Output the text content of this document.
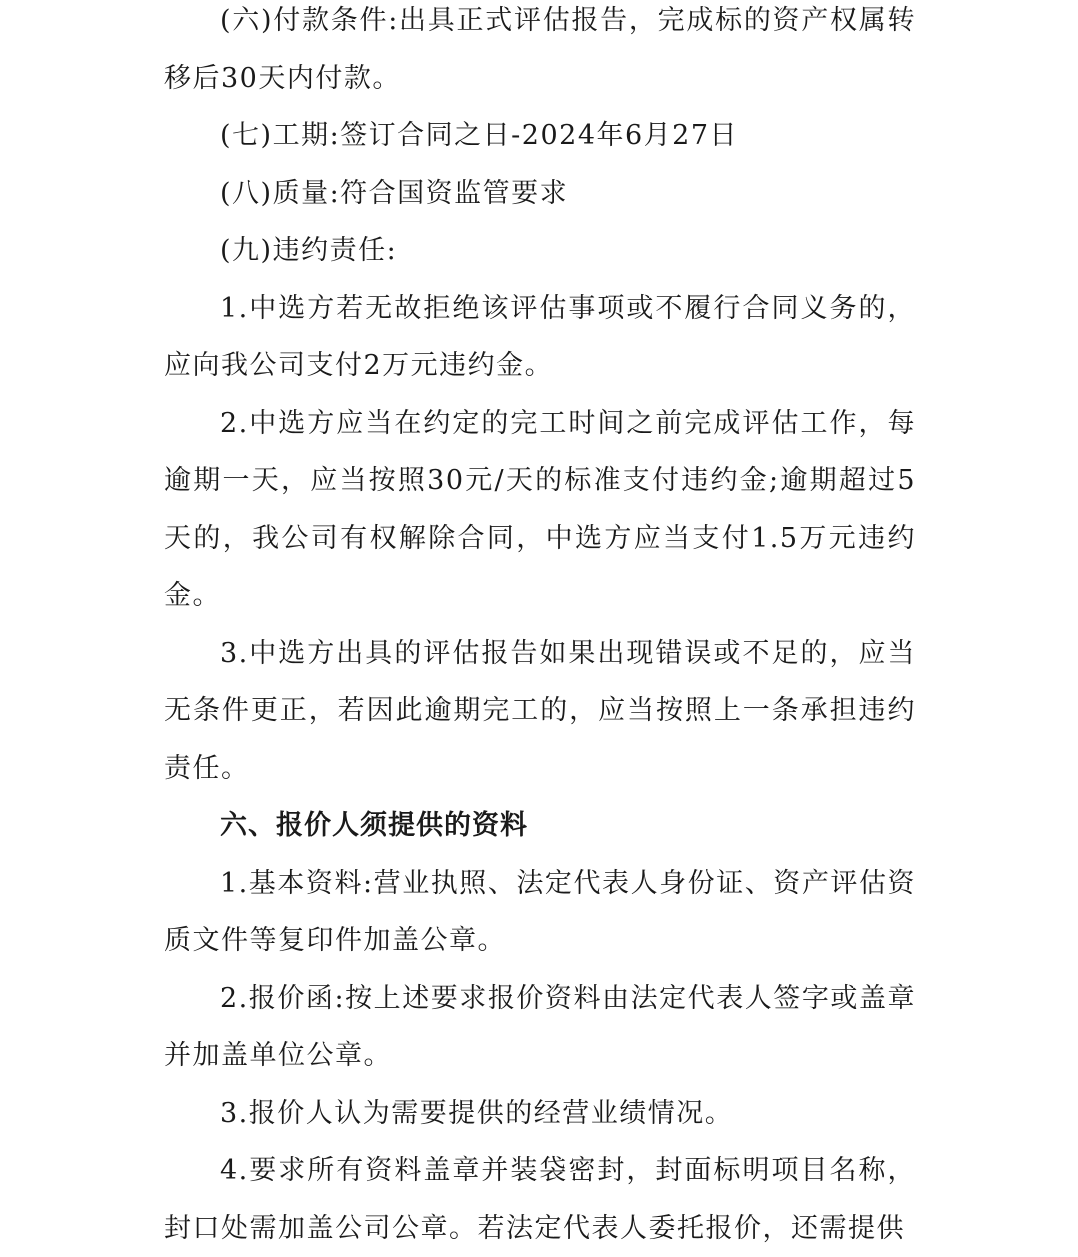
(六)付款条件:出具正式评估报告，完成标的资产权属转移后30天内付款。

(七)工期:签订合同之日-2024年6月27日

(八)质量:符合国资监管要求

(九)违约责任:

1.中选方若无故拒绝该评估事项或不履行合同义务的，应向我公司支付2万元违约金。

2.中选方应当在约定的完工时间之前完成评估工作，每逾期一天，应当按照30元/天的标准支付违约金;逾期超过5天的，我公司有权解除合同，中选方应当支付1.5万元违约金。

3.中选方出具的评估报告如果出现错误或不足的，应当无条件更正，若因此逾期完工的，应当按照上一条承担违约责任。

六、报价人须提供的资料

1.基本资料:营业执照、法定代表人身份证、资产评估资质文件等复印件加盖公章。

2.报价函:按上述要求报价资料由法定代表人签字或盖章并加盖单位公章。

3.报价人认为需要提供的经营业绩情况。

4.要求所有资料盖章并装袋密封，封面标明项目名称，封口处需加盖公司公章。若法定代表人委托报价，还需提供
